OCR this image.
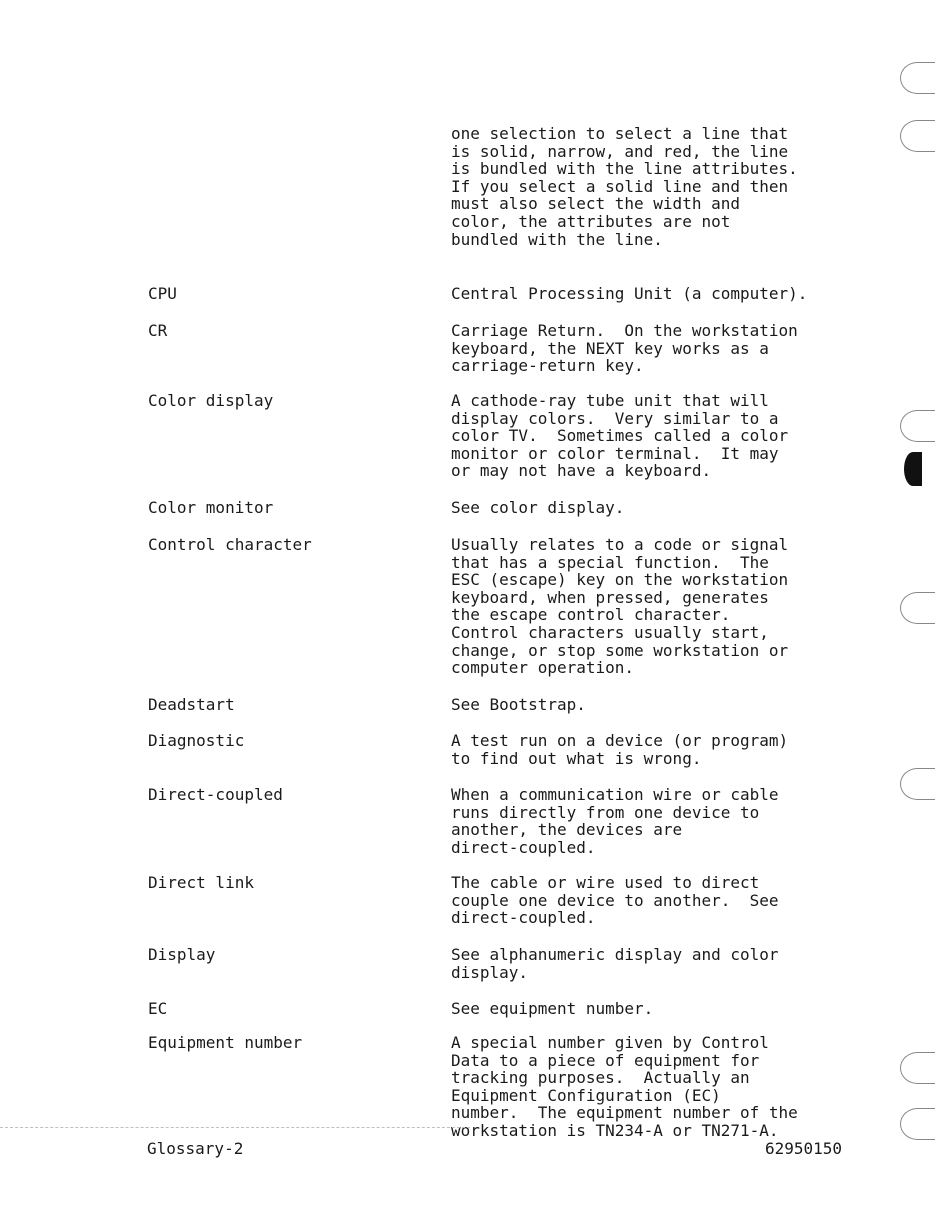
one selection to select a line that
is solid, narrow, and red, the line
is bundled with the line attributes.
If you select a solid line and then
must also select the width and
color, the attributes are not
bundled with the line.
CPU	Central Processing Unit (a computer).
CR	Carriage Return.  On the workstation
keyboard, the NEXT key works as a
carriage-return key.
Color display	A cathode-ray tube unit that will
display colors.  Very similar to a
color TV.  Sometimes called a color
monitor or color terminal.  It may
or may not have a keyboard.
Color monitor	See color display.
Control character	Usually relates to a code or signal
that has a special function.  The
ESC (escape) key on the workstation
keyboard, when pressed, generates
the escape control character.
Control characters usually start,
change, or stop some workstation or
computer operation.
Deadstart	See Bootstrap.
Diagnostic	A test run on a device (or program)
to find out what is wrong.
Direct-coupled	When a communication wire or cable
runs directly from one device to
another, the devices are
direct-coupled.
Direct link	The cable or wire used to direct
couple one device to another.  See
direct-coupled.
Display	See alphanumeric display and color
display.
EC	See equipment number.
Equipment number	A special number given by Control
Data to a piece of equipment for
tracking purposes.  Actually an
Equipment Configuration (EC)
number.  The equipment number of the
workstation is TN234-A or TN271-A.
Glossary-2	62950150
